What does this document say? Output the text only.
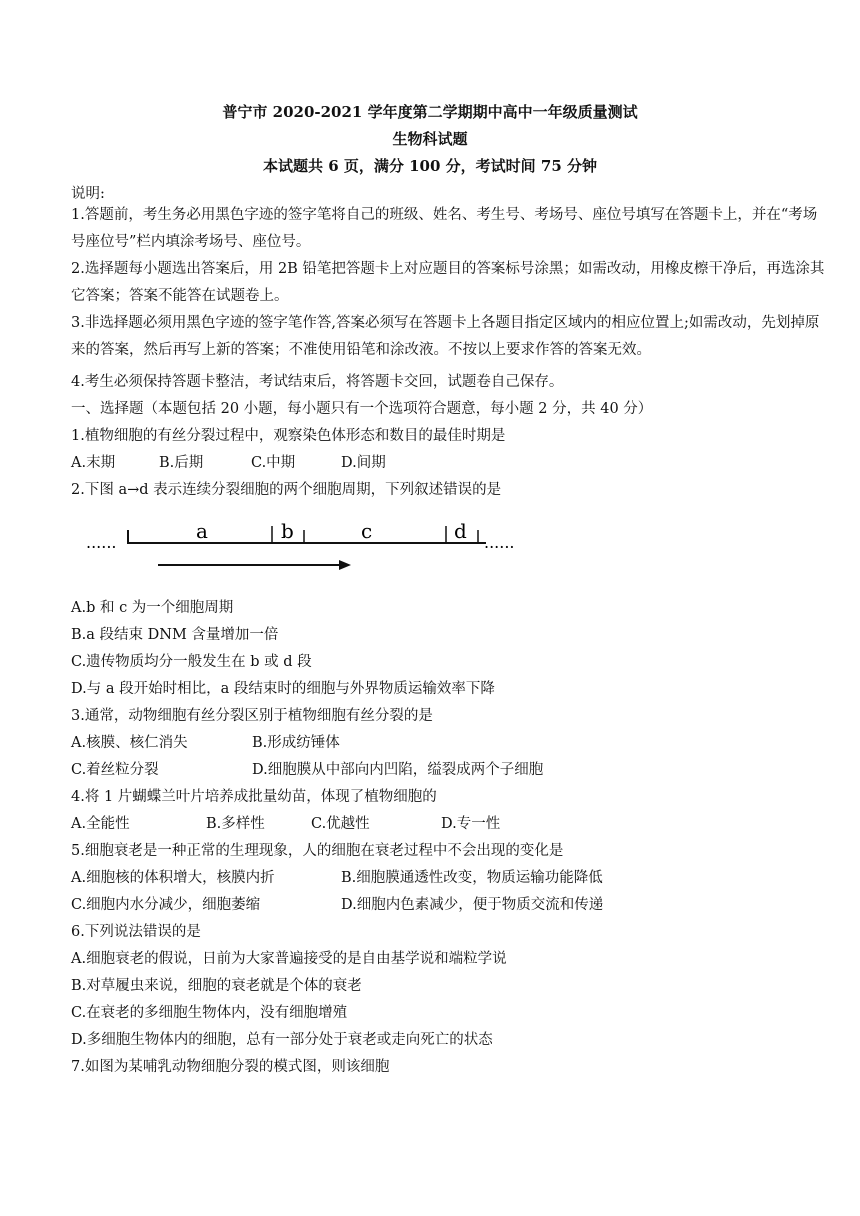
普宁市 2020-2021 学年度第二学期期中高中一年级质量测试
生物科试题
本试题共 6 页，满分 100 分，考试时间 75 分钟
说明:
1.答题前，考生务必用黑色字迹的签字笔将自己的班级、姓名、考生号、考场号、座位号填写在答题卡上，并在“考场号座位号”栏内填涂考场号、座位号。
2.选择题每小题选出答案后，用 2B 铅笔把答题卡上对应题目的答案标号涂黑；如需改动，用橡皮檫干净后，再选涂其它答案；答案不能答在试题卷上。
3.非选择题必须用黑色字迹的签字笔作答,答案必须写在答题卡上各题目指定区域内的相应位置上;如需改动，先划掉原来的答案，然后再写上新的答案；不准使用铅笔和涂改液。不按以上要求作答的答案无效。
4.考生必须保持答题卡整洁，考试结束后，将答题卡交回，试题卷自己保存。
一、选择题（本题包括 20 小题，每小题只有一个选项符合题意，每小题 2 分，共 40 分）
1.植物细胞的有丝分裂过程中，观察染色体形态和数目的最佳时期是
A.末期	B.后期	C.中期	D.间期
2.下图 a→d 表示连续分裂细胞的两个细胞周期，下列叙述错误的是
......	a	b	c	d ......
A.b 和 c 为一个细胞周期
B.a 段结束 DNM 含量增加一倍
C.遗传物质均分一般发生在 b 或 d 段
D.与 a 段开始时相比，a 段结束时的细胞与外界物质运输效率下降
3.通常，动物细胞有丝分裂区别于植物细胞有丝分裂的是
A.核膜、核仁消失	B.形成纺锤体
C.着丝粒分裂	D.细胞膜从中部向内凹陷，缢裂成两个子细胞
4.将 1 片蝴蝶兰叶片培养成批量幼苗，体现了植物细胞的
A.全能性	B.多样性	C.优越性	D.专一性
5.细胞衰老是一种正常的生理现象，人的细胞在衰老过程中不会出现的变化是
A.细胞核的体积增大，核膜内折	B.细胞膜通透性改变，物质运输功能降低
C.细胞内水分减少，细胞萎缩	D.细胞内色素减少，便于物质交流和传递
6.下列说法错误的是
A.细胞衰老的假说，日前为大家普遍接受的是自由基学说和端粒学说
B.对草履虫来说，细胞的衰老就是个体的衰老
C.在衰老的多细胞生物体内，没有细胞增殖
D.多细胞生物体内的细胞，总有一部分处于衰老或走向死亡的状态
7.如图为某哺乳动物细胞分裂的模式图，则该细胞
